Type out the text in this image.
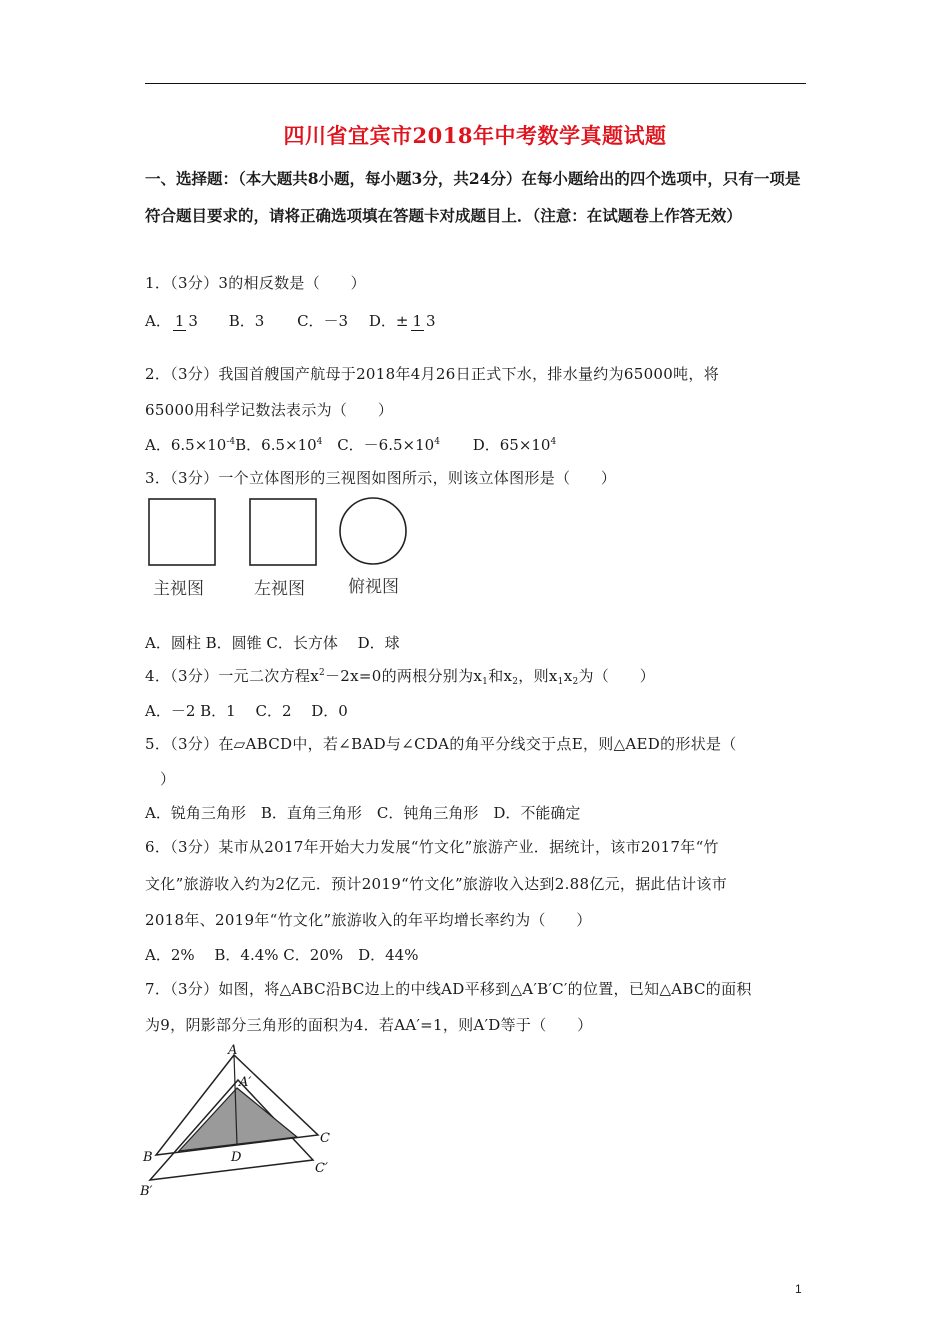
四川省宜宾市2018年中考数学真题试题
一、选择题：（本大题共8小题，每小题3分，共24分）在每小题给出的四个选项中，只有一项是符合题目要求的，请将正确选项填在答题卡对成题目上．（注意：在试题卷上作答无效）
1．（3分）3的相反数是（　　）
A． 1 3 B．3 C．－3 D．± 1 3
2．（3分）我国首艘国产航母于2018年4月26日正式下水，排水量约为65000吨，将
65000用科学记数法表示为（　　）
A．$6.5\times 10^{-4}B$．$6.5\times 10^4$ C．$-6.5\times 10^4$ D．$65\times 10^4$
3．（3分）一个立体图形的三视图如图所示，则该立体图形是（　　）
主视图	左视图	俯视图
A．圆柱 B．圆锥 C．长方体　 D．球
4．（3分）一元二次方程$x^2-2x=0$的两根分别为$x_1$和$x_2$，则$x_1x_2$为（　　）
A．－2 B．1　 C．2　 D．0
5．（3分）在▱ABCD中，若∠BAD与∠CDA的角平分线交于点E，则△AED的形状是（
）
A．锐角三角形　B．直角三角形　C．钝角三角形　D．不能确定
6．（3分）某市从2017年开始大力发展“竹文化”旅游产业．据统计，该市2017年“竹
文化”旅游收入约为2亿元．预计2019“竹文化”旅游收入达到2.88亿元，据此估计该市
2018年、2019年“竹文化”旅游收入的年平均增长率约为（　　）
A．2%　 B．4.4% C．20%　D．44%
7．（3分）如图，将△ABC沿BC边上的中线AD平移到△A′B′C′的位置，已知△ABC的面积
为9，阴影部分三角形的面积为4．若AA′=1，则A′D等于（　　）
A
A′
B
B′
C
C′
D
1
